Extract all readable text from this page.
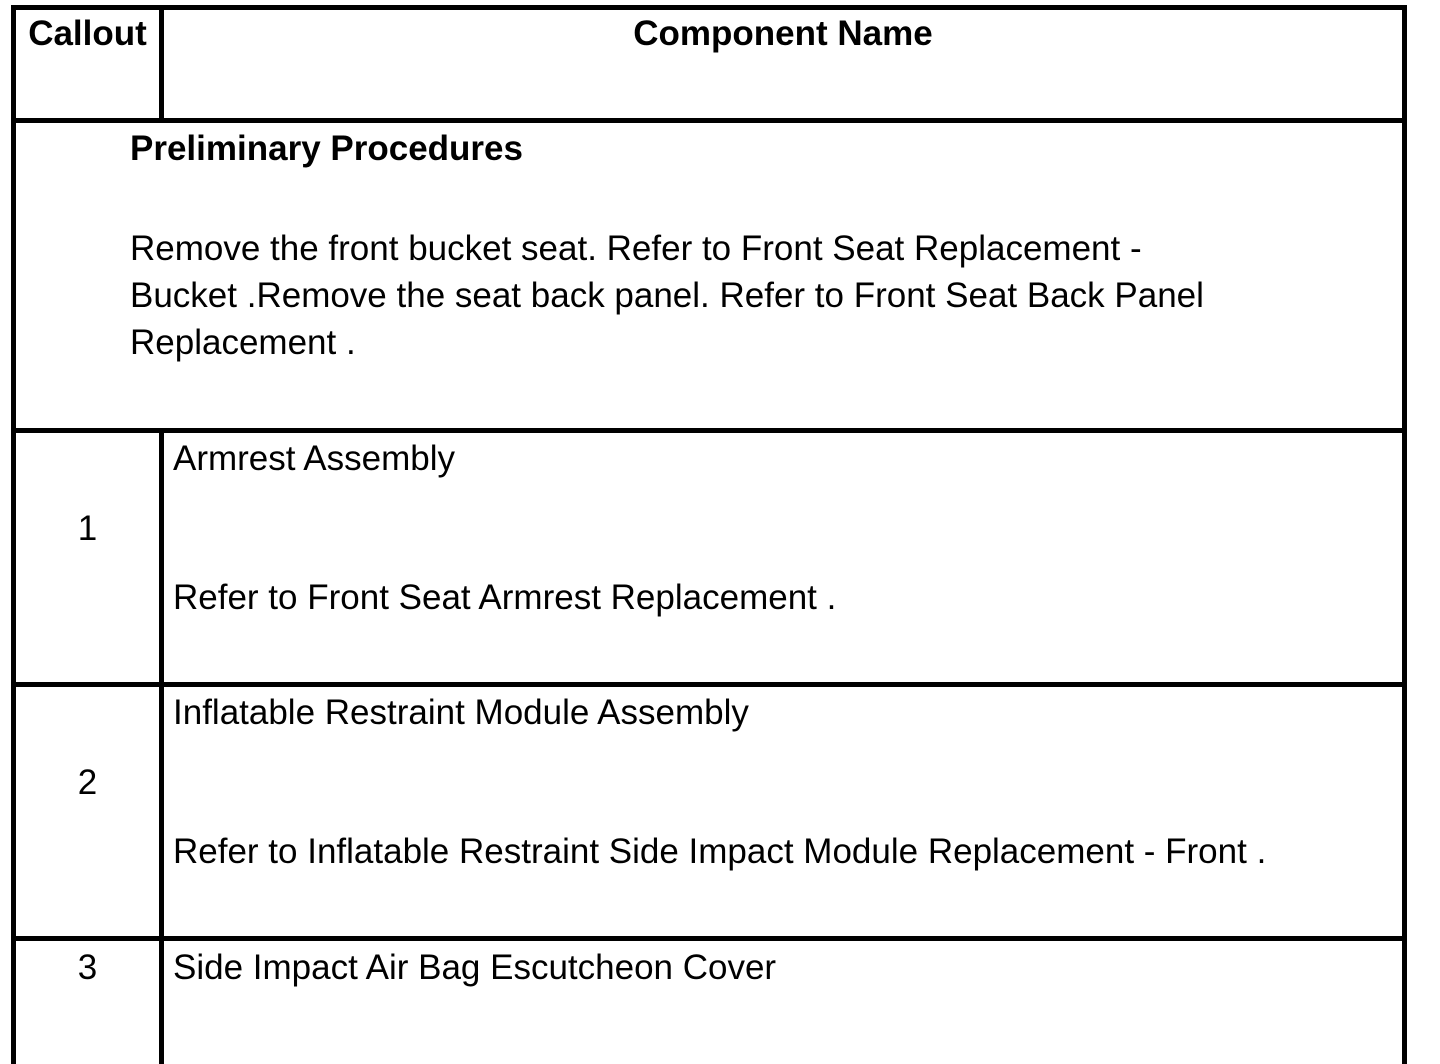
Callout	Component Name
Preliminary Procedures
Remove the front bucket seat. Refer to Front Seat Replacement -
Bucket .Remove the seat back panel. Refer to Front Seat Back Panel
Replacement .
1
Armrest Assembly
Refer to Front Seat Armrest Replacement .
2
Inflatable Restraint Module Assembly
Refer to Inflatable Restraint Side Impact Module Replacement - Front .
3	Side Impact Air Bag Escutcheon Cover
